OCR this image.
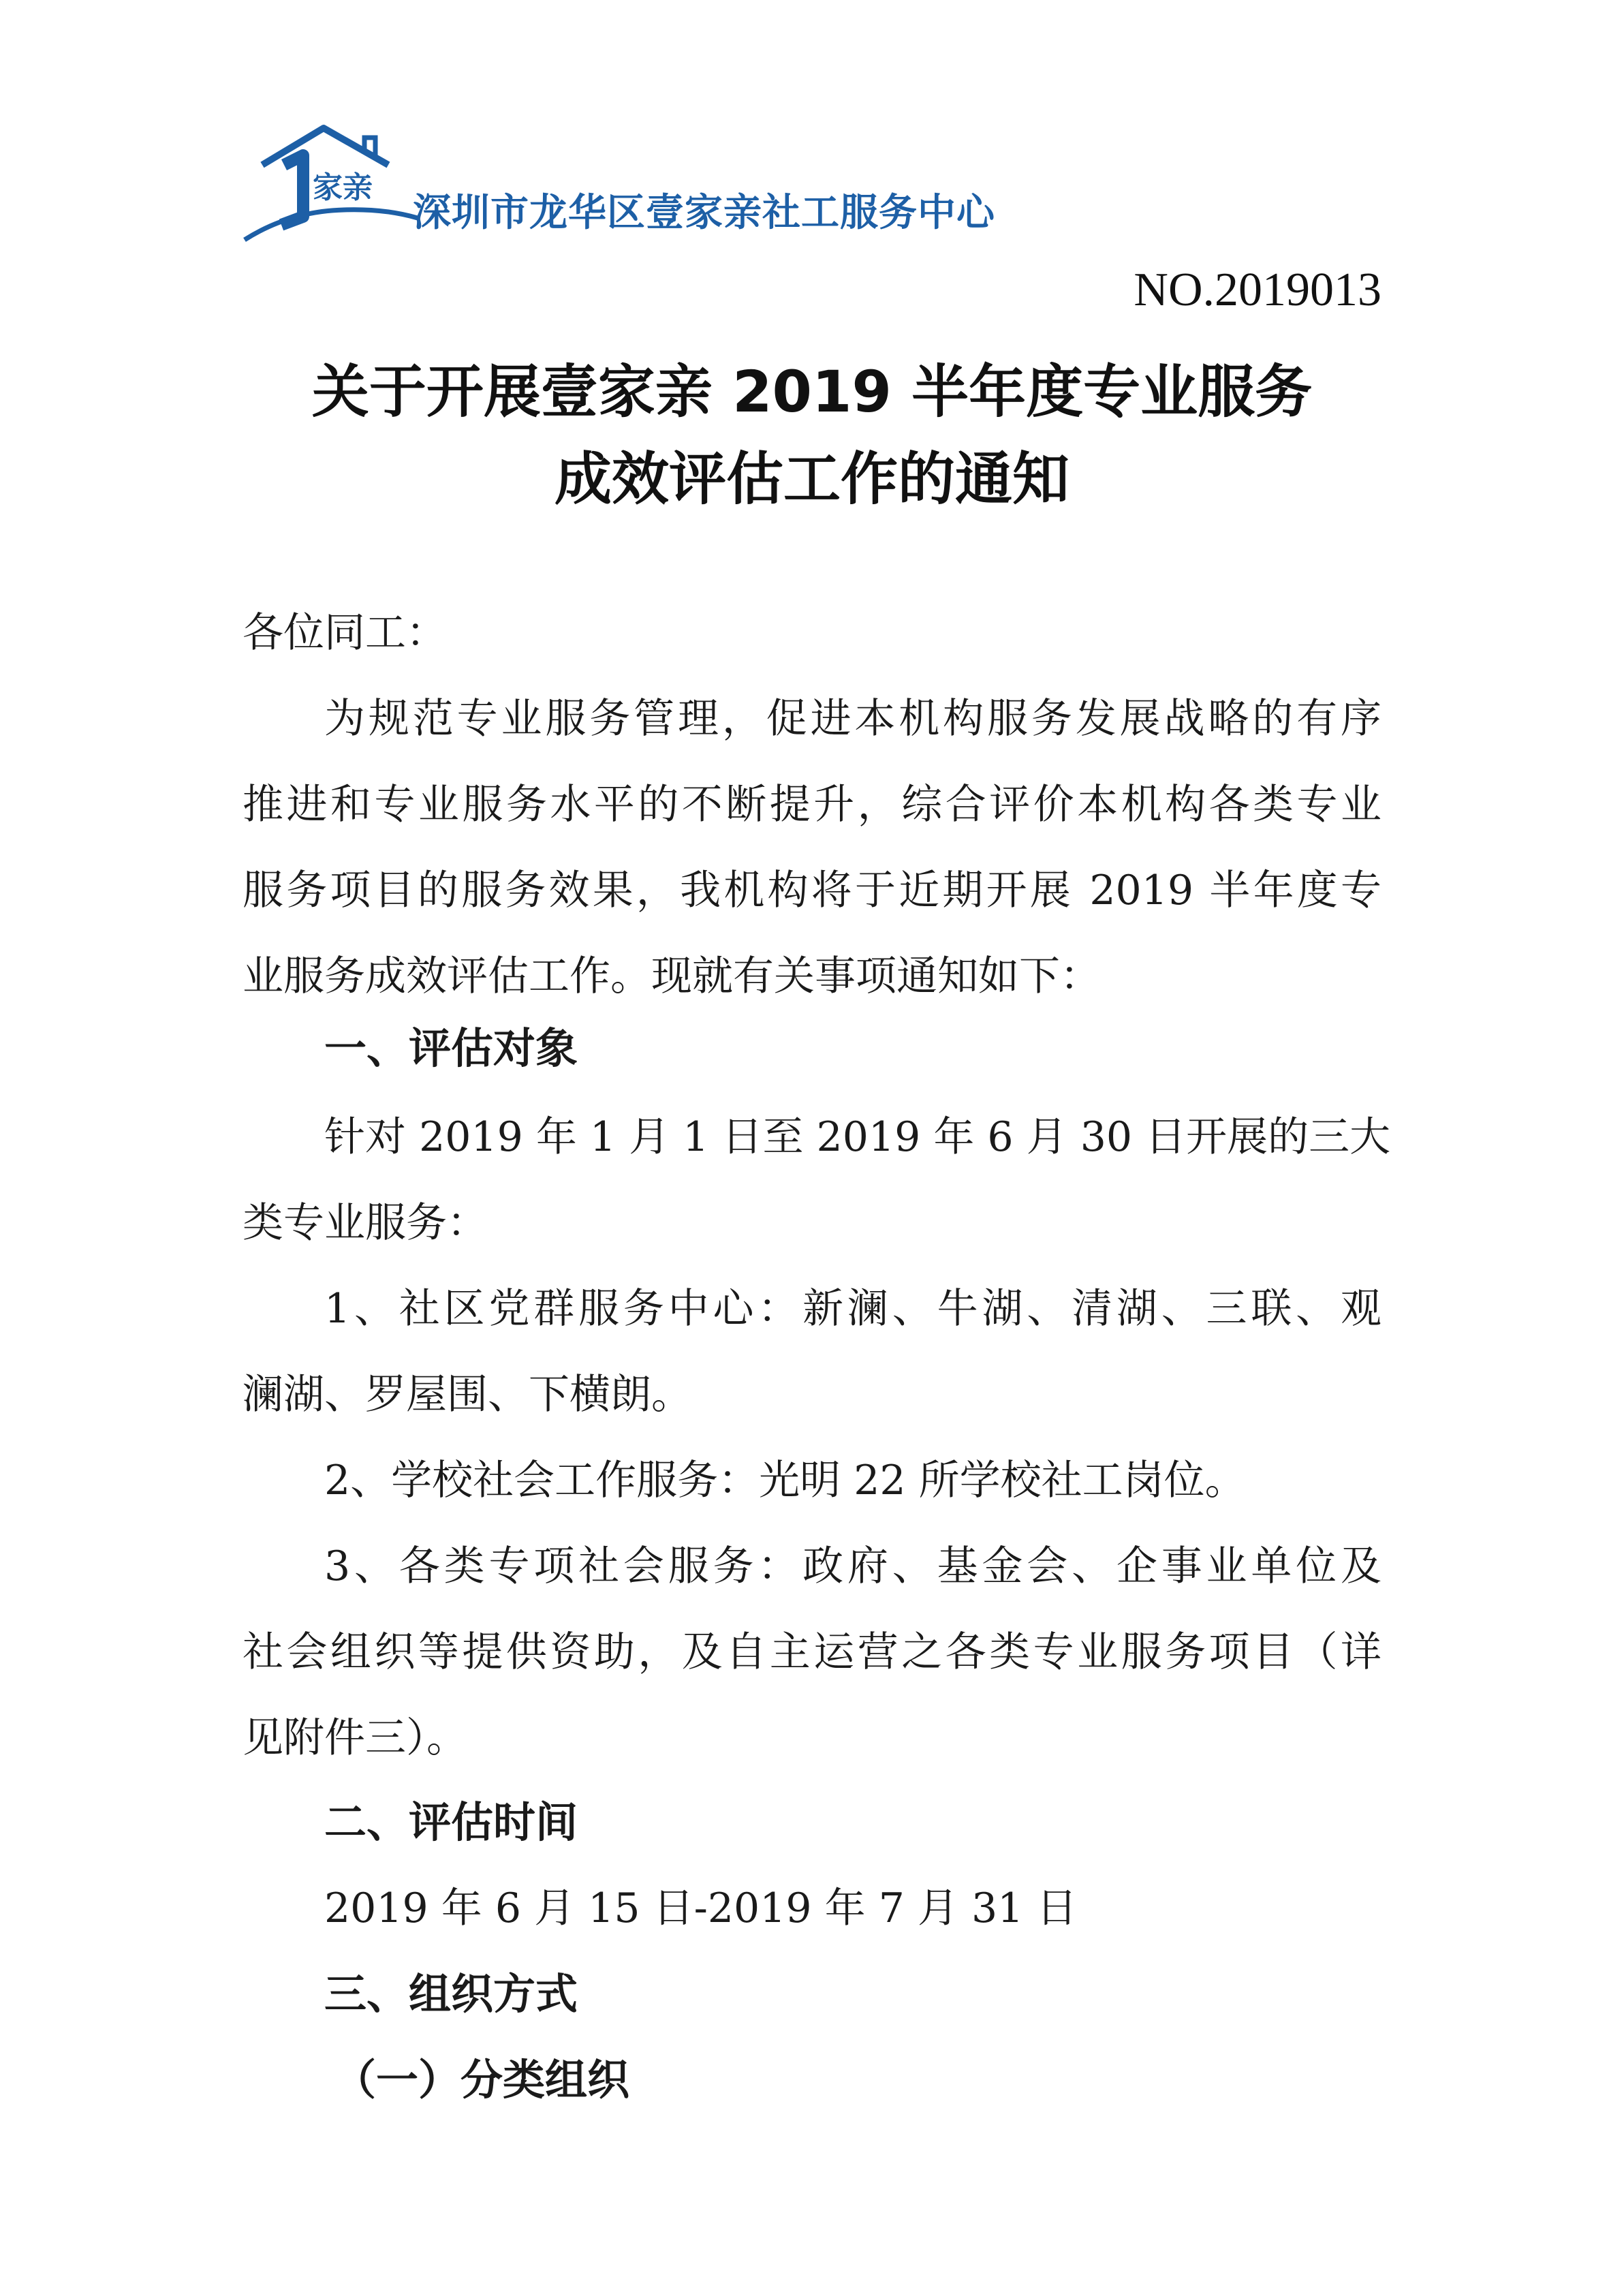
家亲
深圳市龙华区壹家亲社工服务中心
NO.2019013
关于开展壹家亲 2019 半年度专业服务
成效评估工作的通知
各位同工：
为规范专业服务管理，促进本机构服务发展战略的有序
推进和专业服务水平的不断提升，综合评价本机构各类专业
服务项目的服务效果，我机构将于近期开展 2019 半年度专
业服务成效评估工作。现就有关事项通知如下：
一、评估对象
针对 2019 年 1 月 1 日至 2019 年 6 月 30 日开展的三大
类专业服务：
1、社区党群服务中心：新澜、牛湖、清湖、三联、观
澜湖、罗屋围、下横朗。
2、学校社会工作服务：光明 22 所学校社工岗位。
3、各类专项社会服务：政府、基金会、企事业单位及
社会组织等提供资助，及自主运营之各类专业服务项目（详
见附件三）。
二、评估时间
2019 年 6 月 15 日-2019 年 7 月 31 日
三、组织方式
（一）分类组织
